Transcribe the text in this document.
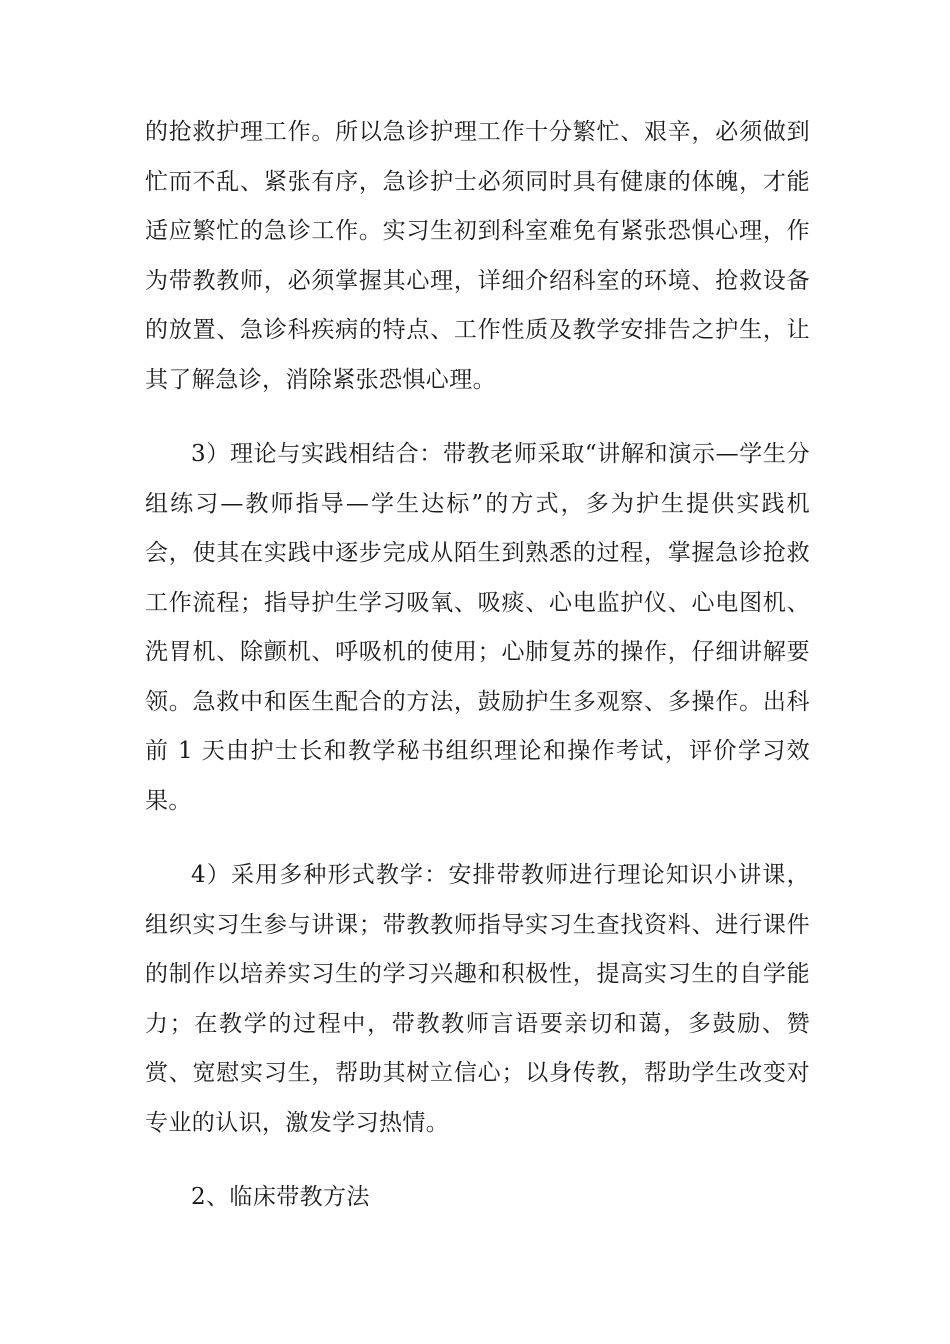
的抢救护理工作。所以急诊护理工作十分繁忙、艰辛，必须做到忙而不乱、紧张有序，急诊护士必须同时具有健康的体魄，才能适应繁忙的急诊工作。实习生初到科室难免有紧张恐惧心理，作为带教教师，必须掌握其心理，详细介绍科室的环境、抢救设备的放置、急诊科疾病的特点、工作性质及教学安排告之护生，让其了解急诊，消除紧张恐惧心理。

3）理论与实践相结合：带教老师采取“讲解和演示—学生分组练习—教师指导—学生达标”的方式，多为护生提供实践机会，使其在实践中逐步完成从陌生到熟悉的过程，掌握急诊抢救工作流程；指导护生学习吸氧、吸痰、心电监护仪、心电图机、洗胃机、除颤机、呼吸机的使用；心肺复苏的操作，仔细讲解要领。急救中和医生配合的方法，鼓励护生多观察、多操作。出科前 1 天由护士长和教学秘书组织理论和操作考试，评价学习效果。

4）采用多种形式教学：安排带教师进行理论知识小讲课，组织实习生参与讲课；带教教师指导实习生查找资料、进行课件的制作以培养实习生的学习兴趣和积极性，提高实习生的自学能力；在教学的过程中，带教教师言语要亲切和蔼，多鼓励、赞赏、宽慰实习生，帮助其树立信心；以身传教，帮助学生改变对专业的认识，激发学习热情。

2、临床带教方法
